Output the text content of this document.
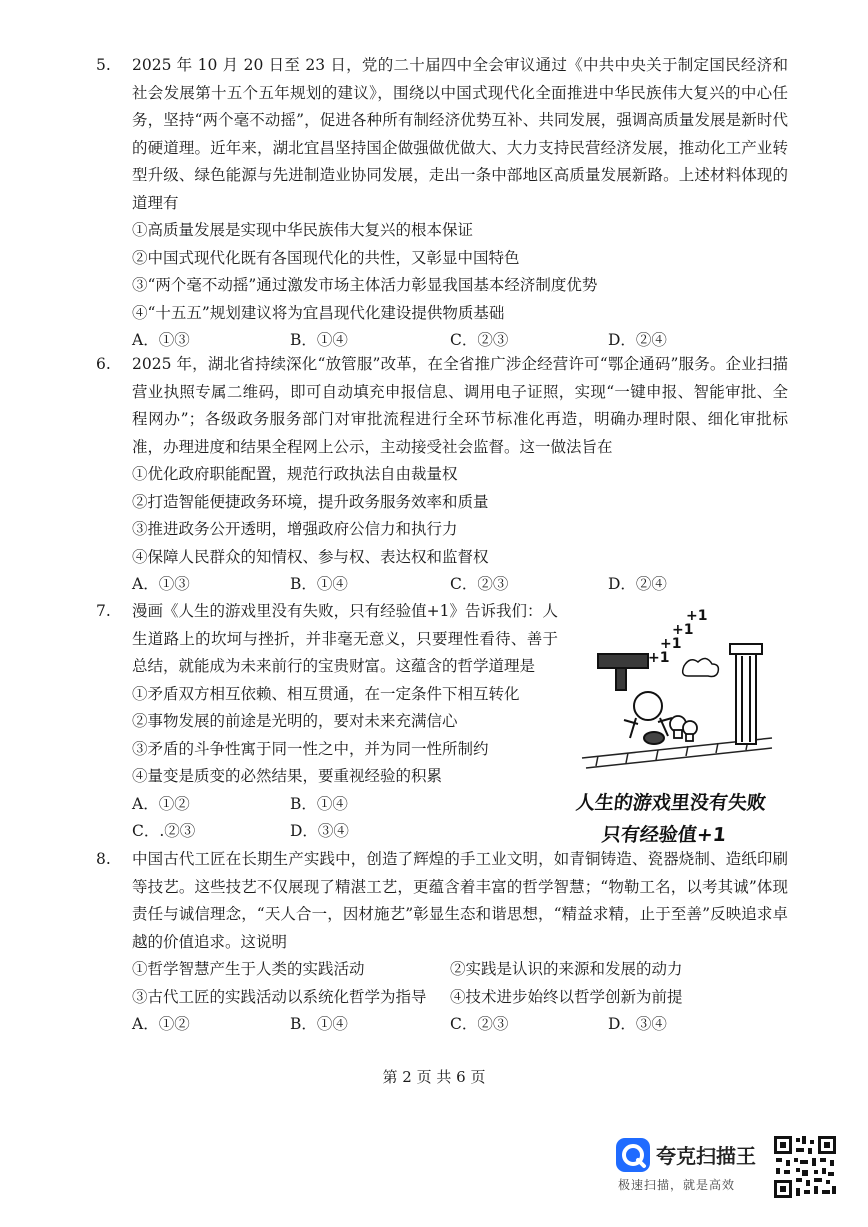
5. 2025 年 10 月 20 日至 23 日，党的二十届四中全会审议通过《中共中央关于制定国民经济和社会发展第十五个五年规划的建议》，围绕以中国式现代化全面推进中华民族伟大复兴的中心任务，坚持“两个毫不动摇”，促进各种所有制经济优势互补、共同发展，强调高质量发展是新时代的硬道理。近年来，湖北宜昌坚持国企做强做优做大、大力支持民营经济发展，推动化工产业转型升级、绿色能源与先进制造业协同发展，走出一条中部地区高质量发展新路。上述材料体现的道理有
①高质量发展是实现中华民族伟大复兴的根本保证
②中国式现代化既有各国现代化的共性，又彰显中国特色
③“两个毫不动摇”通过激发市场主体活力彰显我国基本经济制度优势
④“十五五”规划建议将为宜昌现代化建设提供物质基础
A．①③	B．①④	C．②③	D．②④
6. 2025 年，湖北省持续深化“放管服”改革，在全省推广涉企经营许可“鄂企通码”服务。企业扫描营业执照专属二维码，即可自动填充申报信息、调用电子证照，实现“一键申报、智能审批、全程网办”；各级政务服务部门对审批流程进行全环节标准化再造，明确办理时限、细化审批标准，办理进度和结果全程网上公示，主动接受社会监督。这一做法旨在
①优化政府职能配置，规范行政执法自由裁量权
②打造智能便捷政务环境，提升政务服务效率和质量
③推进政务公开透明，增强政府公信力和执行力
④保障人民群众的知情权、参与权、表达权和监督权
A．①③	B．①④	C．②③	D．②④
7. 漫画《人生的游戏里没有失败，只有经验值+1》告诉我们：人生道路上的坎坷与挫折，并非毫无意义，只要理性看待、善于总结，就能成为未来前行的宝贵财富。这蕴含的哲学道理是
①矛盾双方相互依赖、相互贯通，在一定条件下相互转化
②事物发展的前途是光明的，要对未来充满信心
③矛盾的斗争性寓于同一性之中，并为同一性所制约
④量变是质变的必然结果，要重视经验的积累
A．①②	B．①④
C．.②③	D．③④
+1
+1
+1
+1
人生的游戏里没有失败
只有经验值+1
8. 中国古代工匠在长期生产实践中，创造了辉煌的手工业文明，如青铜铸造、瓷器烧制、造纸印刷等技艺。这些技艺不仅展现了精湛工艺，更蕴含着丰富的哲学智慧；“物勒工名，以考其诚”体现责任与诚信理念，“天人合一，因材施艺”彰显生态和谐思想，“精益求精，止于至善”反映追求卓越的价值追求。这说明
①哲学智慧产生于人类的实践活动	②实践是认识的来源和发展的动力
③古代工匠的实践活动以系统化哲学为指导 ④技术进步始终以哲学创新为前提
A．①②	B．①④	C．②③	D．③④
第 2 页 共 6 页
夸克扫描王
极速扫描，就是高效
